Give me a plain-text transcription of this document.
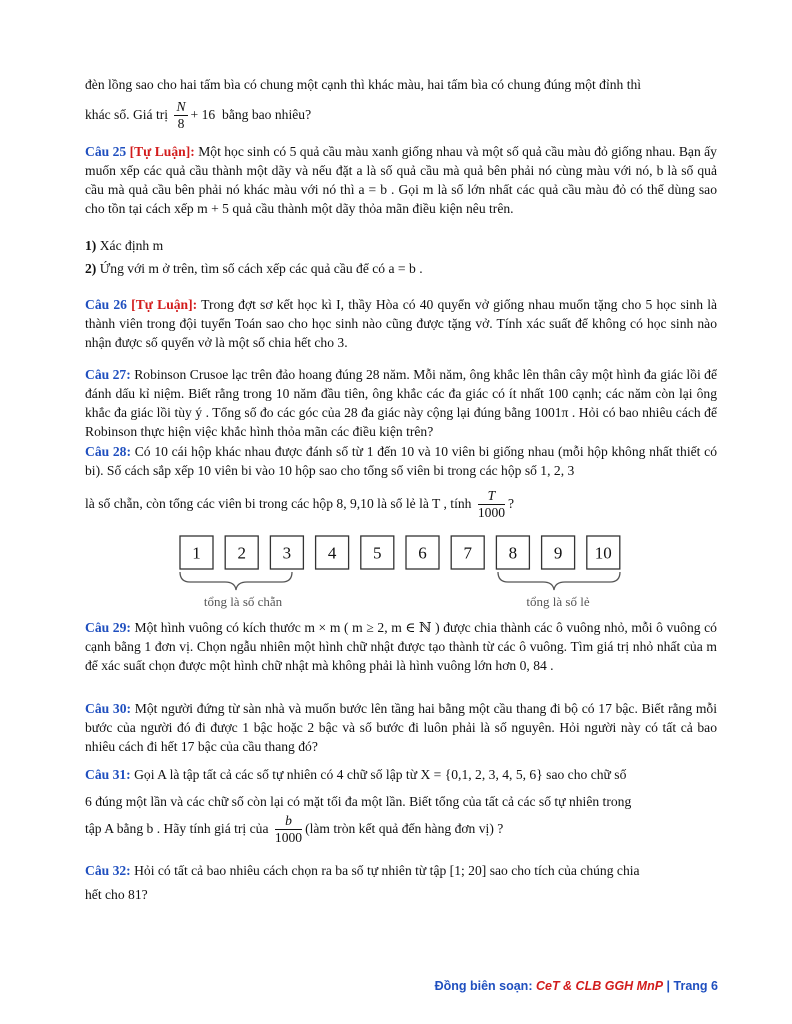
đèn lồng sao cho hai tấm bìa có chung một cạnh thì khác màu, hai tấm bìa có chung đúng một đỉnh thì

khác số. Giá trị $\frac{N}{8} + 16$ bằng bao nhiêu?

Câu 25 [Tự Luận]: Một học sinh có 5 quả cầu màu xanh giống nhau và một số quả cầu màu đỏ giống nhau. Bạn ấy muốn xếp các quả cầu thành một dãy và nếu đặt a là số quả cầu mà quả bên phải nó cùng màu với nó, b là số quả cầu mà quả cầu bên phải nó khác màu với nó thì a = b . Gọi m là số lớn nhất các quả cầu màu đỏ có thể dùng sao cho tồn tại cách xếp m + 5 quả cầu thành một dãy thỏa mãn điều kiện nêu trên.

1) Xác định m

2) Ứng với m ở trên, tìm số cách xếp các quả cầu để có a = b .

Câu 26 [Tự Luận]: Trong đợt sơ kết học kì I, thầy Hòa có 40 quyển vở giống nhau muốn tặng cho 5 học sinh là thành viên trong đội tuyển Toán sao cho học sinh nào cũng được tặng vở. Tính xác suất để không có học sinh nào nhận được số quyển vở là một số chia hết cho 3.

Câu 27: Robinson Crusoe lạc trên đảo hoang đúng 28 năm. Mỗi năm, ông khắc lên thân cây một hình đa giác lồi để đánh dấu kỉ niệm. Biết rằng trong 10 năm đầu tiên, ông khắc các đa giác có ít nhất 100 cạnh; các năm còn lại ông khắc đa giác lồi tùy ý . Tổng số đo các góc của 28 đa giác này cộng lại đúng bằng 1001π . Hỏi có bao nhiêu cách để Robinson thực hiện việc khắc hình thỏa mãn các điều kiện trên?

Câu 28: Có 10 cái hộp khác nhau được đánh số từ 1 đến 10 và 10 viên bi giống nhau (mỗi hộp không nhất thiết có bi). Số cách sắp xếp 10 viên bi vào 10 hộp sao cho tổng số viên bi trong các hộp số 1, 2, 3

là số chẵn, còn tổng các viên bi trong các hộp 8, 9,10 là số lẻ là T , tính $\frac{T}{1000}$ ?

1 2 3 4 5 6 7 8 9 10
tổng là số chẵn	tổng là số lẻ

Câu 29: Một hình vuông có kích thước m × m ( m ≥ 2, m ∈ ℕ ) được chia thành các ô vuông nhỏ, mỗi ô vuông có cạnh bằng 1 đơn vị. Chọn ngẫu nhiên một hình chữ nhật được tạo thành từ các ô vuông. Tìm giá trị nhỏ nhất của m để xác suất chọn được một hình chữ nhật mà không phải là hình vuông lớn hơn 0, 84 .

Câu 30: Một người đứng từ sàn nhà và muốn bước lên tầng hai bằng một cầu thang đi bộ có 17 bậc. Biết rằng mỗi bước của người đó đi được 1 bậc hoặc 2 bậc và số bước đi luôn phải là số nguyên. Hỏi người này có tất cả bao nhiêu cách đi hết 17 bậc của cầu thang đó?

Câu 31: Gọi A là tập tất cả các số tự nhiên có 4 chữ số lập từ X = {0,1, 2, 3, 4, 5, 6} sao cho chữ số

6 đúng một lần và các chữ số còn lại có mặt tối đa một lần. Biết tổng của tất cả các số tự nhiên trong

tập A bằng b . Hãy tính giá trị của $\frac{b}{1000}$ (làm tròn kết quả đến hàng đơn vị) ?

Câu 32: Hỏi có tất cả bao nhiêu cách chọn ra ba số tự nhiên từ tập [1; 20] sao cho tích của chúng chia

hết cho 81?

Đồng biên soạn: CeT & CLB GGH MnP | Trang 6
